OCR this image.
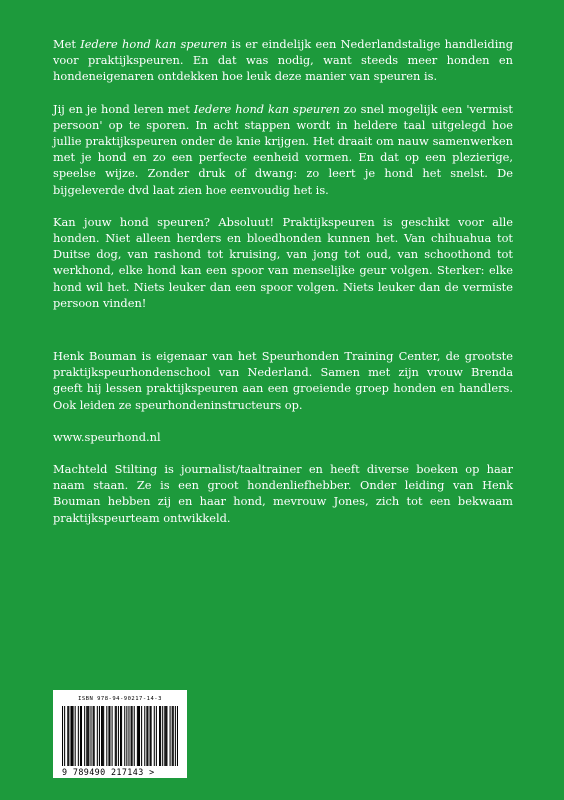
Met Iedere hond kan speuren is er eindelijk een Nederlandstalige handleiding voor praktijkspeuren. En dat was nodig, want steeds meer honden en hondeneigenaren ontdekken hoe leuk deze manier van speuren is.

Jij en je hond leren met Iedere hond kan speuren zo snel mogelijk een 'vermist persoon' op te sporen. In acht stappen wordt in heldere taal uitgelegd hoe jullie praktijkspeuren onder de knie krijgen. Het draait om nauw samenwerken met je hond en zo een perfecte eenheid vormen. En dat op een plezierige, speelse wijze. Zonder druk of dwang: zo leert je hond het snelst. De bijgeleverde dvd laat zien hoe eenvoudig het is.

Kan jouw hond speuren? Absoluut! Praktijkspeuren is geschikt voor alle honden. Niet alleen herders en bloedhonden kunnen het. Van chihuahua tot Duitse dog, van rashond tot kruising, van jong tot oud, van schoothond tot werkhond, elke hond kan een spoor van menselijke geur volgen. Sterker: elke hond wil het. Niets leuker dan een spoor volgen. Niets leuker dan de vermiste persoon vinden!

Henk Bouman is eigenaar van het Speurhonden Training Center, de grootste praktijkspeurhondenschool van Nederland. Samen met zijn vrouw Brenda geeft hij lessen praktijkspeuren aan een groeiende groep honden en handlers. Ook leiden ze speurhondeninstructeurs op.

www.speurhond.nl

Machteld Stilting is journalist/taaltrainer en heeft diverse boeken op haar naam staan. Ze is een groot hondenliefhebber. Onder leiding van Henk Bouman hebben zij en haar hond, mevrouw Jones, zich tot een bekwaam praktijkspeurteam ontwikkeld.

ISBN 978-94-90217-14-3
9 789490 217143 >
